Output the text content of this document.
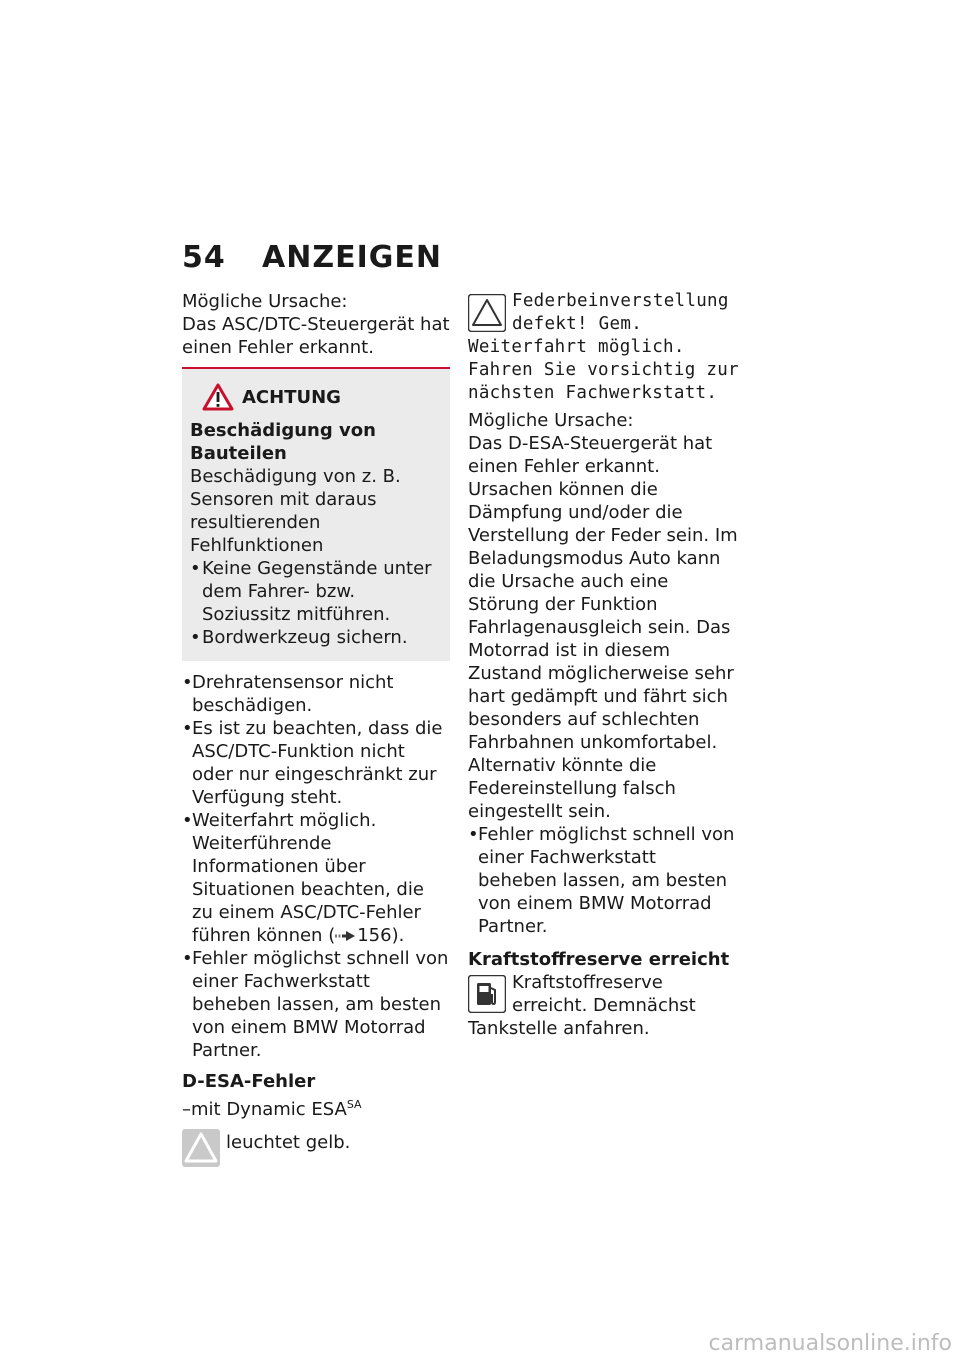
54 ANZEIGEN

Mögliche Ursache:

Das ASC/DTC-Steuergerät hat einen Fehler erkannt.

ACHTUNG

Beschädigung von Bauteilen

Beschädigung von z. B. Sensoren mit daraus resultierenden Fehlfunktionen

• Keine Gegenstände unter dem Fahrer- bzw. Soziussitz mitführen.
• Bordwerkzeug sichern.
• Drehratensensor nicht beschädigen.
• Es ist zu beachten, dass die ASC/DTC-Funktion nicht oder nur eingeschränkt zur Verfügung steht.
• Weiterfahrt möglich. Weiterführende Informationen über Situationen beachten, die zu einem ASC/DTC-Fehler führen können ( 156).
• Fehler möglichst schnell von einer Fachwerkstatt beheben lassen, am besten von einem BMW Motorrad Partner.

D-ESA-Fehler

–mit Dynamic $ESA^{SA}$

leuchtet gelb.

Federbeinverstellung defekt! Gem. Weiterfahrt möglich. Fahren Sie vorsichtig zur nächsten Fachwerkstatt.

Mögliche Ursache:

Das D-ESA-Steuergerät hat einen Fehler erkannt. Ursachen können die Dämpfung und/oder die Verstellung der Feder sein. Im Beladungsmodus Auto kann die Ursache auch eine Störung der Funktion Fahrlagenausgleich sein. Das Motorrad ist in diesem Zustand möglicherweise sehr hart gedämpft und fährt sich besonders auf schlechten Fahrbahnen unkomfortabel. Alternativ könnte die Federeinstellung falsch eingestellt sein.

• Fehler möglichst schnell von einer Fachwerkstatt beheben lassen, am besten von einem BMW Motorrad Partner.

Kraftstoffreserve erreicht

Kraftstoffreserve erreicht. Demnächst Tankstelle anfahren.

carmanualsonline.info
